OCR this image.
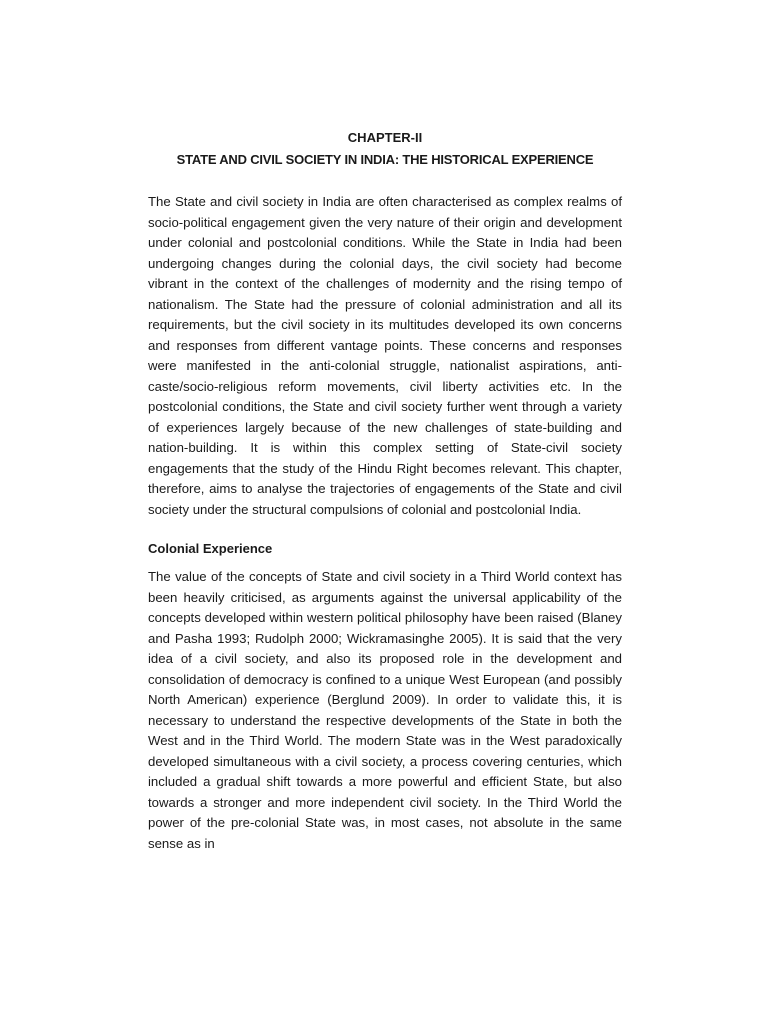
CHAPTER-II

STATE AND CIVIL SOCIETY IN INDIA: THE HISTORICAL EXPERIENCE

The State and civil society in India are often characterised as complex realms of socio-political engagement given the very nature of their origin and development under colonial and postcolonial conditions. While the State in India had been undergoing changes during the colonial days, the civil society had become vibrant in the context of the challenges of modernity and the rising tempo of nationalism. The State had the pressure of colonial administration and all its requirements, but the civil society in its multitudes developed its own concerns and responses from different vantage points. These concerns and responses were manifested in the anti-colonial struggle, nationalist aspirations, anti-caste/socio-religious reform movements, civil liberty activities etc. In the postcolonial conditions, the State and civil society further went through a variety of experiences largely because of the new challenges of state-building and nation-building. It is within this complex setting of State-civil society engagements that the study of the Hindu Right becomes relevant. This chapter, therefore, aims to analyse the trajectories of engagements of the State and civil society under the structural compulsions of colonial and postcolonial India.

Colonial Experience

The value of the concepts of State and civil society in a Third World context has been heavily criticised, as arguments against the universal applicability of the concepts developed within western political philosophy have been raised (Blaney and Pasha 1993; Rudolph 2000; Wickramasinghe 2005). It is said that the very idea of a civil society, and also its proposed role in the development and consolidation of democracy is confined to a unique West European (and possibly North American) experience (Berglund 2009). In order to validate this, it is necessary to understand the respective developments of the State in both the West and in the Third World. The modern State was in the West paradoxically developed simultaneous with a civil society, a process covering centuries, which included a gradual shift towards a more powerful and efficient State, but also towards a stronger and more independent civil society. In the Third World the power of the pre-colonial State was, in most cases, not absolute in the same sense as in
